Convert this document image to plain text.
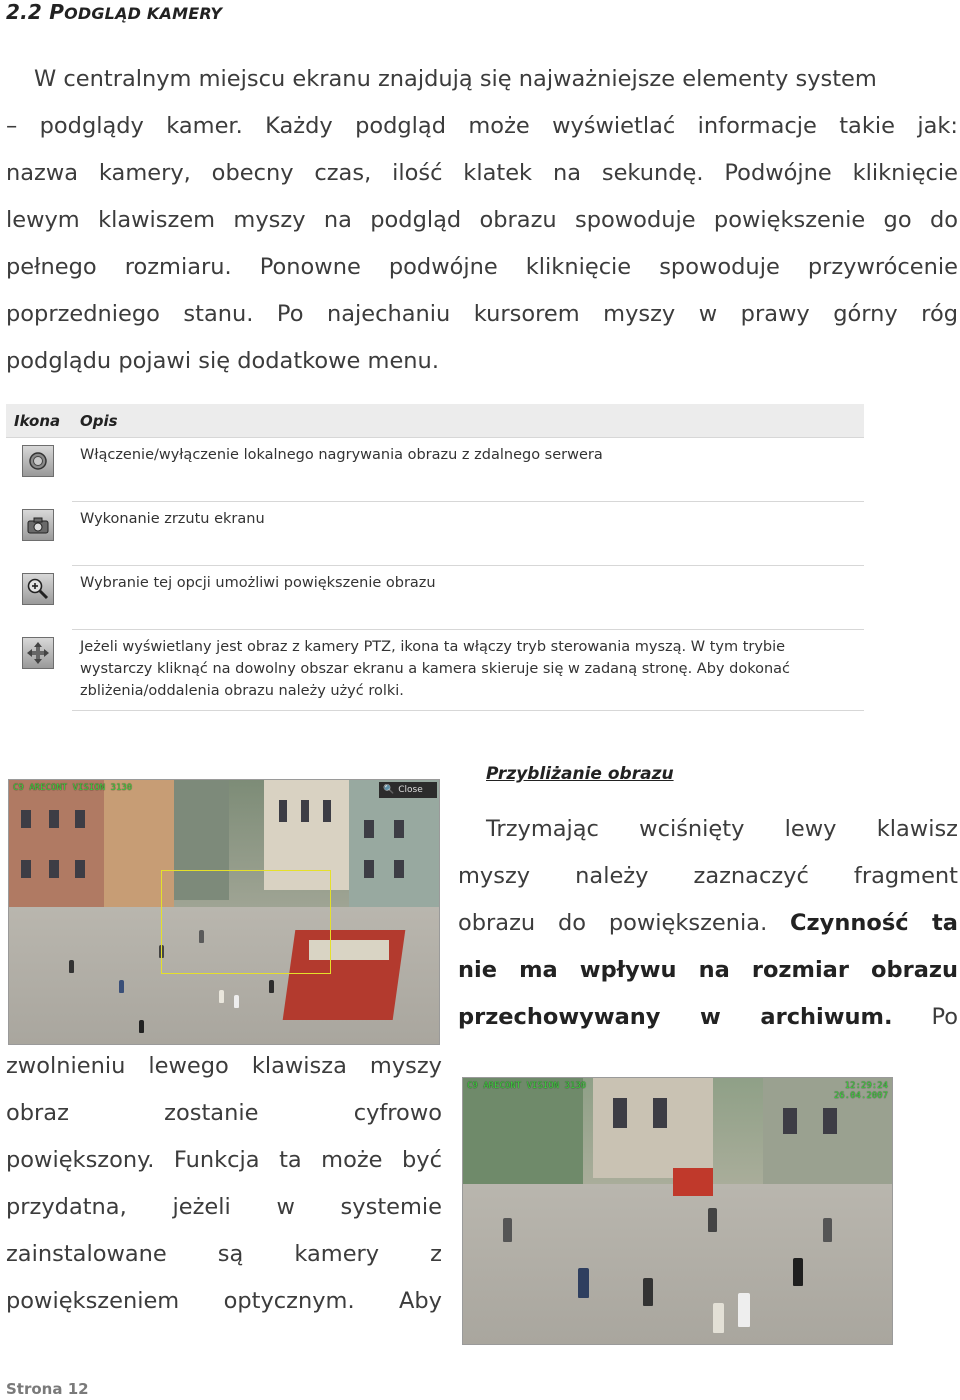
2.2 PODGLĄD KAMERY
W centralnym miejscu ekranu znajdują się najważniejsze elementy system
– podglądy kamer. Każdy podgląd może wyświetlać informacje takie jak:
nazwa kamery, obecny czas, ilość klatek na sekundę. Podwójne kliknięcie
lewym klawiszem myszy na podgląd obrazu spowoduje powiększenie go do
pełnego rozmiaru. Ponowne podwójne kliknięcie spowoduje przywrócenie
poprzedniego stanu. Po najechaniu kursorem myszy w prawy górny róg
podglądu pojawi się dodatkowe menu.
Ikona	Opis

	Włączenie/wyłączenie lokalnego nagrywania obrazu z zdalnego serwera

	Wykonanie zrzutu ekranu

	Wybranie tej opcji umożliwi powiększenie obrazu

	Jeżeli wyświetlany jest obraz z kamery PTZ, ikona ta włączy tryb sterowania myszą. W tym trybie wystarczy kliknąć na dowolny obszar ekranu a kamera skieruje się w zadaną stronę. Aby dokonać zbliżenia/oddalenia obrazu należy użyć rolki.
Przybliżanie obrazu
C9 ARECONT VISION 3130	🔍 Close
Trzymając wciśnięty lewy klawisz
myszy należy zaznaczyć fragment
obrazu do powiększenia. Czynność ta
nie ma wpływu na rozmiar obrazu
przechowywany w archiwum. Po
zwolnieniu lewego klawisza myszy
obraz zostanie cyfrowo
powiększony. Funkcja ta może być
przydatna, jeżeli w systemie
zainstalowane są kamery z
powiększeniem optycznym. Aby
C9 ARECONT VISION 3130	12:29:24
26.04.2007
Strona 12
